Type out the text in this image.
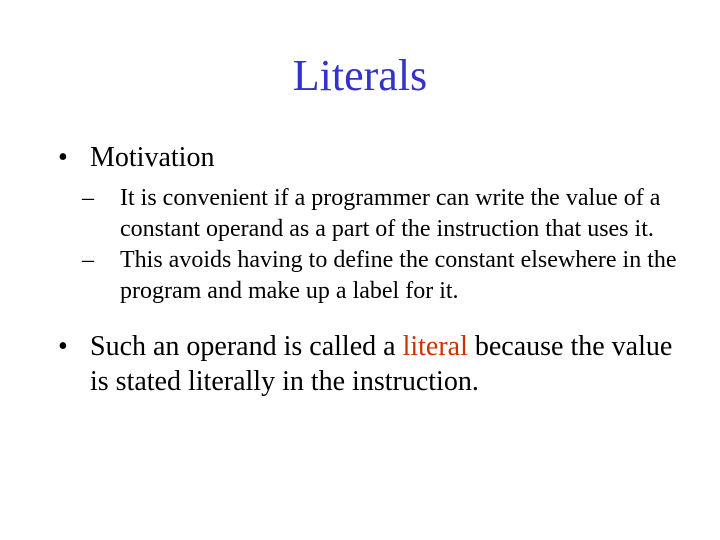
Literals
• Motivation
– It is convenient if a programmer can write the value of a constant operand as a part of the instruction that uses it.
– This avoids having to define the constant elsewhere in the program and make up a label for it.
• Such an operand is called a literal because the value is stated literally in the instruction.
